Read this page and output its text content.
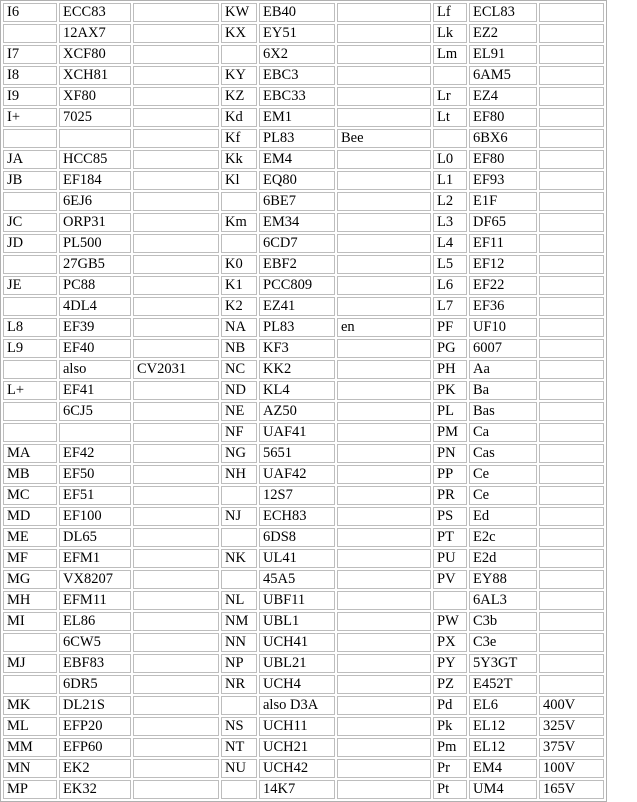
I6	ECC83		KW	EB40		Lf	ECL83	
	12AX7		KX	EY51		Lk	EZ2	
I7	XCF80			6X2		Lm	EL91	
I8	XCH81		KY	EBC3			6AM5	
I9	XF80		KZ	EBC33		Lr	EZ4	
I+	7025		Kd	EM1		Lt	EF80	
			Kf	PL83	Bee		6BX6	
JA	HCC85		Kk	EM4		L0	EF80	
JB	EF184		Kl	EQ80		L1	EF93	
	6EJ6			6BE7		L2	E1F	
JC	ORP31		Km	EM34		L3	DF65	
JD	PL500			6CD7		L4	EF11	
	27GB5		K0	EBF2		L5	EF12	
JE	PC88		K1	PCC809		L6	EF22	
	4DL4		K2	EZ41		L7	EF36	
L8	EF39		NA	PL83	en	PF	UF10	
L9	EF40		NB	KF3		PG	6007	
	also	CV2031	NC	KK2		PH	Aa	
L+	EF41		ND	KL4		PK	Ba	
	6CJ5		NE	AZ50		PL	Bas	
			NF	UAF41		PM	Ca	
MA	EF42		NG	5651		PN	Cas	
MB	EF50		NH	UAF42		PP	Ce	
MC	EF51			12S7		PR	Ce	
MD	EF100		NJ	ECH83		PS	Ed	
ME	DL65			6DS8		PT	E2c	
MF	EFM1		NK	UL41		PU	E2d	
MG	VX8207			45A5		PV	EY88	
MH	EFM11		NL	UBF11			6AL3	
MI	EL86		NM	UBL1		PW	C3b	
	6CW5		NN	UCH41		PX	C3e	
MJ	EBF83		NP	UBL21		PY	5Y3GT	
	6DR5		NR	UCH4		PZ	E452T	
MK	DL21S			also D3A		Pd	EL6	400V
ML	EFP20		NS	UCH11		Pk	EL12	325V
MM	EFP60		NT	UCH21		Pm	EL12	375V
MN	EK2		NU	UCH42		Pr	EM4	100V
MP	EK32			14K7		Pt	UM4	165V
